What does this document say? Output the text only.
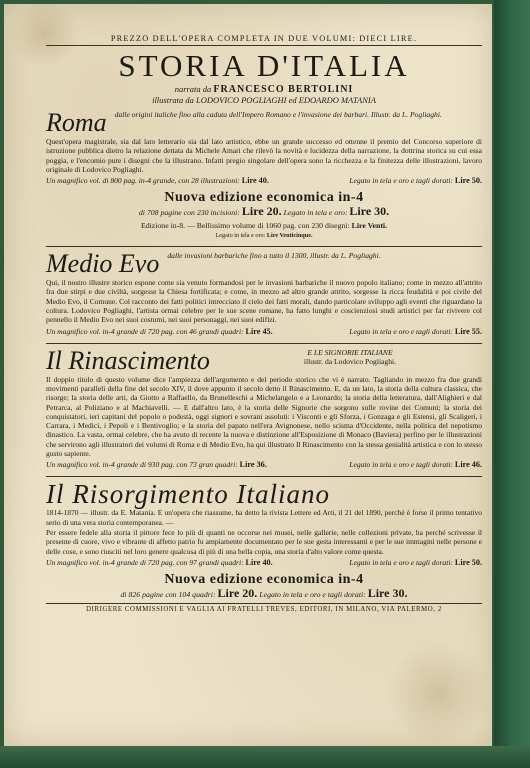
PREZZO DELL'OPERA COMPLETA IN DUE VOLUMI: DIECI LIRE.
STORIA D'ITALIA
narrata da FRANCESCO BERTOLINI
illustrata da LODOVICO POGLIAGHI ed EDOARDO MATANIA
Roma	dalle origini italiche fino alla caduta dell'Impero Romano e l'invasione dei barbari. Illustr. da L. Pogliaghi.
Quest'opera magistrale, sia dal lato letterario sia dal lato artistico, ebbe un grande successo ed ottenne il premio del Concorso superiore di istruzione pubblica dietro la relazione dettata da Michele Amari che rilevò la novità e lucidezza della narrazione, la dottrina storica su cui essa poggia, e l'encomio pure i disegni che la illustrano. Infatti pregio singolare dell'opera sono la ricchezza e la finitezza delle illustrazioni, lavoro originale di Lodovico Pogliaghi.
Un magnifico vol. di 800 pag. in-4 grande, con 28 illustrazioni: Lire 40.	Legato in tela e oro e tagli dorati: Lire 50.
Nuova edizione economica in-4
di 708 pagine con 230 incisioni: Lire 20. Legato in tela e oro: Lire 30.
Edizione in-8. — Bellissimo volume di 1060 pag. con 230 disegni: Lire Venti.
Legato in tela e oro: Lire Venticinque.
Medio Evo	dalle invasioni barbariche fino a tutto il 1300, illustr. da L. Pogliaghi.
Qui, il nostro illustre storico espone come sia venuto formandosi per le invasioni barbariche il nuovo popolo italiano; come in mezzo all'attrito fra due stirpi e due civiltà, sorgesse la Chiesa fortificata; e come, in mezzo ad altro grande attrito, sorgesse la ricca feudalità e poi civile del Medio Evo, il Comune. Col racconto dei fatti politici intrecciato il cielo dei fatti morali, dando particolare sviluppo agli eventi che riguardano la coltura. Lodovico Pogliaghi, l'artista ormai celebre per le sue scene romane, ha fatto lunghi e coscienziosi studi artistici per far rivivere col pennello il Medio Evo nei suoi costumi, nei suoi personaggi, nei suoi edifizi.
Un magnifico vol. in-4 grande di 720 pag. con 46 grandi quadri: Lire 45.	Legato in tela e oro e tagli dorati: Lire 55.
Il Rinascimento	E LE SIGNORIE ITALIANE
illustr. da Lodovico Pogliaghi.
Il doppio titolo di questo volume dice l'ampiezza dell'argomento e del periodo storico che vi è narrato. Tagliando in mezzo fra due grandi movimenti paralleli della fine del secolo XIV, il dove appunto il secolo detto il Rinascimento. E, da un lato, la storia della cultura classica, che risorge; la storia delle arti, da Giotto a Raffaello, da Brunelleschi a Michelangelo e a Leonardo; la storia della letteratura, dall'Alighieri e dal Petrarca, al Poliziano e al Machiavelli. — E dall'altro lato, è la storia delle Signorie che sorgono sulle rovine dei Comuni; la storia dei conquistatori, ieri capitani del popolo o podestà, oggi signori e sovrani assoluti: i Visconti e gli Sforza, i Gonzaga e gli Estensi, gli Scaligeri, i Carrara, i Medici, i Pepoli e i Bentivoglio; e la storia del papato nell'era Avignonese, nello scisma d'Occidente, nella politica del nepotismo dinastico. La vasta, ormai celebre, che ha avuto di recente la nuova e distinzione all'Esposizione di Monaco (Baviera) perfino per le illustrazioni che servirono agli illustratori dei volumi di Roma e di Medio Evo, ha qui illustrato Il Rinascimento con la stessa genialità artistica e con lo stesso gusto sapiente.
Un magnifico vol. in-4 grande di 930 pag. con 73 gran quadri: Lire 36.	Legato in tela e oro e tagli dorati: Lire 46.
Il Risorgimento Italiano
1814-1870 — illustr. da E. Matania. E un'opera che riassume, ha detto la rivista Lettere ed Arti, il 21 del 1890, perché è forse il primo tentativo serio di una vera storia contemporanea. —
Per essere fedele alla storia il pittore fece lo più di quanti ne occorse nei musei, nelle gallerie, nelle collezioni private, ha perché scrivesse il presente di cuore, vivo e vibrante di affetto patrio fu ampiamente documentato per le sue gesta interessanti e per le sue immagini nelle persone e delle cose, e sono riusciti nel loro genere qualcosa di più di una bella copia, una storia d'alto valore come questa.
Un magnifico vol. in-4 grande di 720 pag. con 97 grandi quadri: Lire 40.	Legato in tela e oro e tagli dorati: Lire 50.
Nuova edizione economica in-4
di 826 pagine con 104 quadri: Lire 20. Legato in tela e oro e tagli dorati: Lire 30.
DIRIGERE COMMISSIONI E VAGLIA AI FRATELLI TREVES, EDITORI, IN MILANO, VIA PALERMO, 2
